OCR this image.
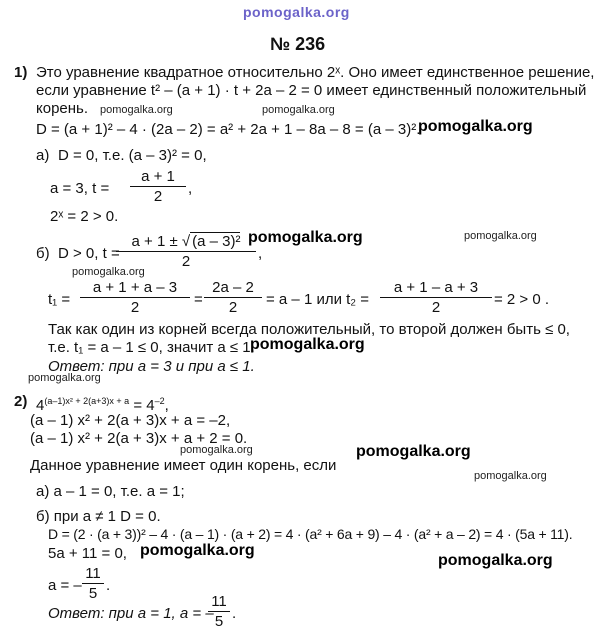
pomogalka.org
№ 236
1) Это уравнение квадратное относительно 2ˣ. Оно имеет единственное решение,
если уравнение t² – (a + 1) · t + 2a – 2 = 0 имеет единственный положительный
корень. pomogalka.org	pomogalka.org
D = (a + 1)² – 4 · (2a – 2) = a² + 2a + 1 – 8a – 8 = (a – 3)².
pomogalka.org
а) D = 0, т.е. (a – 3)² = 0,
a = 3, t =
a + 1
2	,
2ˣ = 2 > 0.
б) D > 0, t =
a + 1 ± √ (a – 3)²
2	,
pomogalka.org	pomogalka.org
pomogalka.org
t₁ =
a + 1 + a – 3
2	=
2a – 2
2	= a – 1 или t₂ =
a + 1 – a + 3
2	= 2 > 0 .
Так как один из корней всегда положительный, то второй должен быть ≤ 0,
т.е. t₁ = a – 1 ≤ 0, значит a ≤ 1.
pomogalka.org
Ответ: при a = 3 и при a ≤ 1.
pomogalka.org
2) $4^{(a-1)x^2 + 2(a+3)x + a} = 4^{-2}$,
(a – 1) x² + 2(a + 3)x + a = –2,
(a – 1) x² + 2(a + 3)x + a + 2 = 0.
pomogalka.org
Данное уравнение имеет один корень, если
pomogalka.org
pomogalka.org
а) a – 1 = 0, т.е. a = 1;
б) при a ≠ 1 D = 0.
D = (2 · (a + 3))² – 4 · (a – 1) · (a + 2) = 4 · (a² + 6a + 9) – 4 · (a² + a – 2) = 4 · (5a + 11).
5a + 11 = 0, pomogalka.org
pomogalka.org
a = –
11
5 .
Ответ: при a = 1, a = –
11
5 .
